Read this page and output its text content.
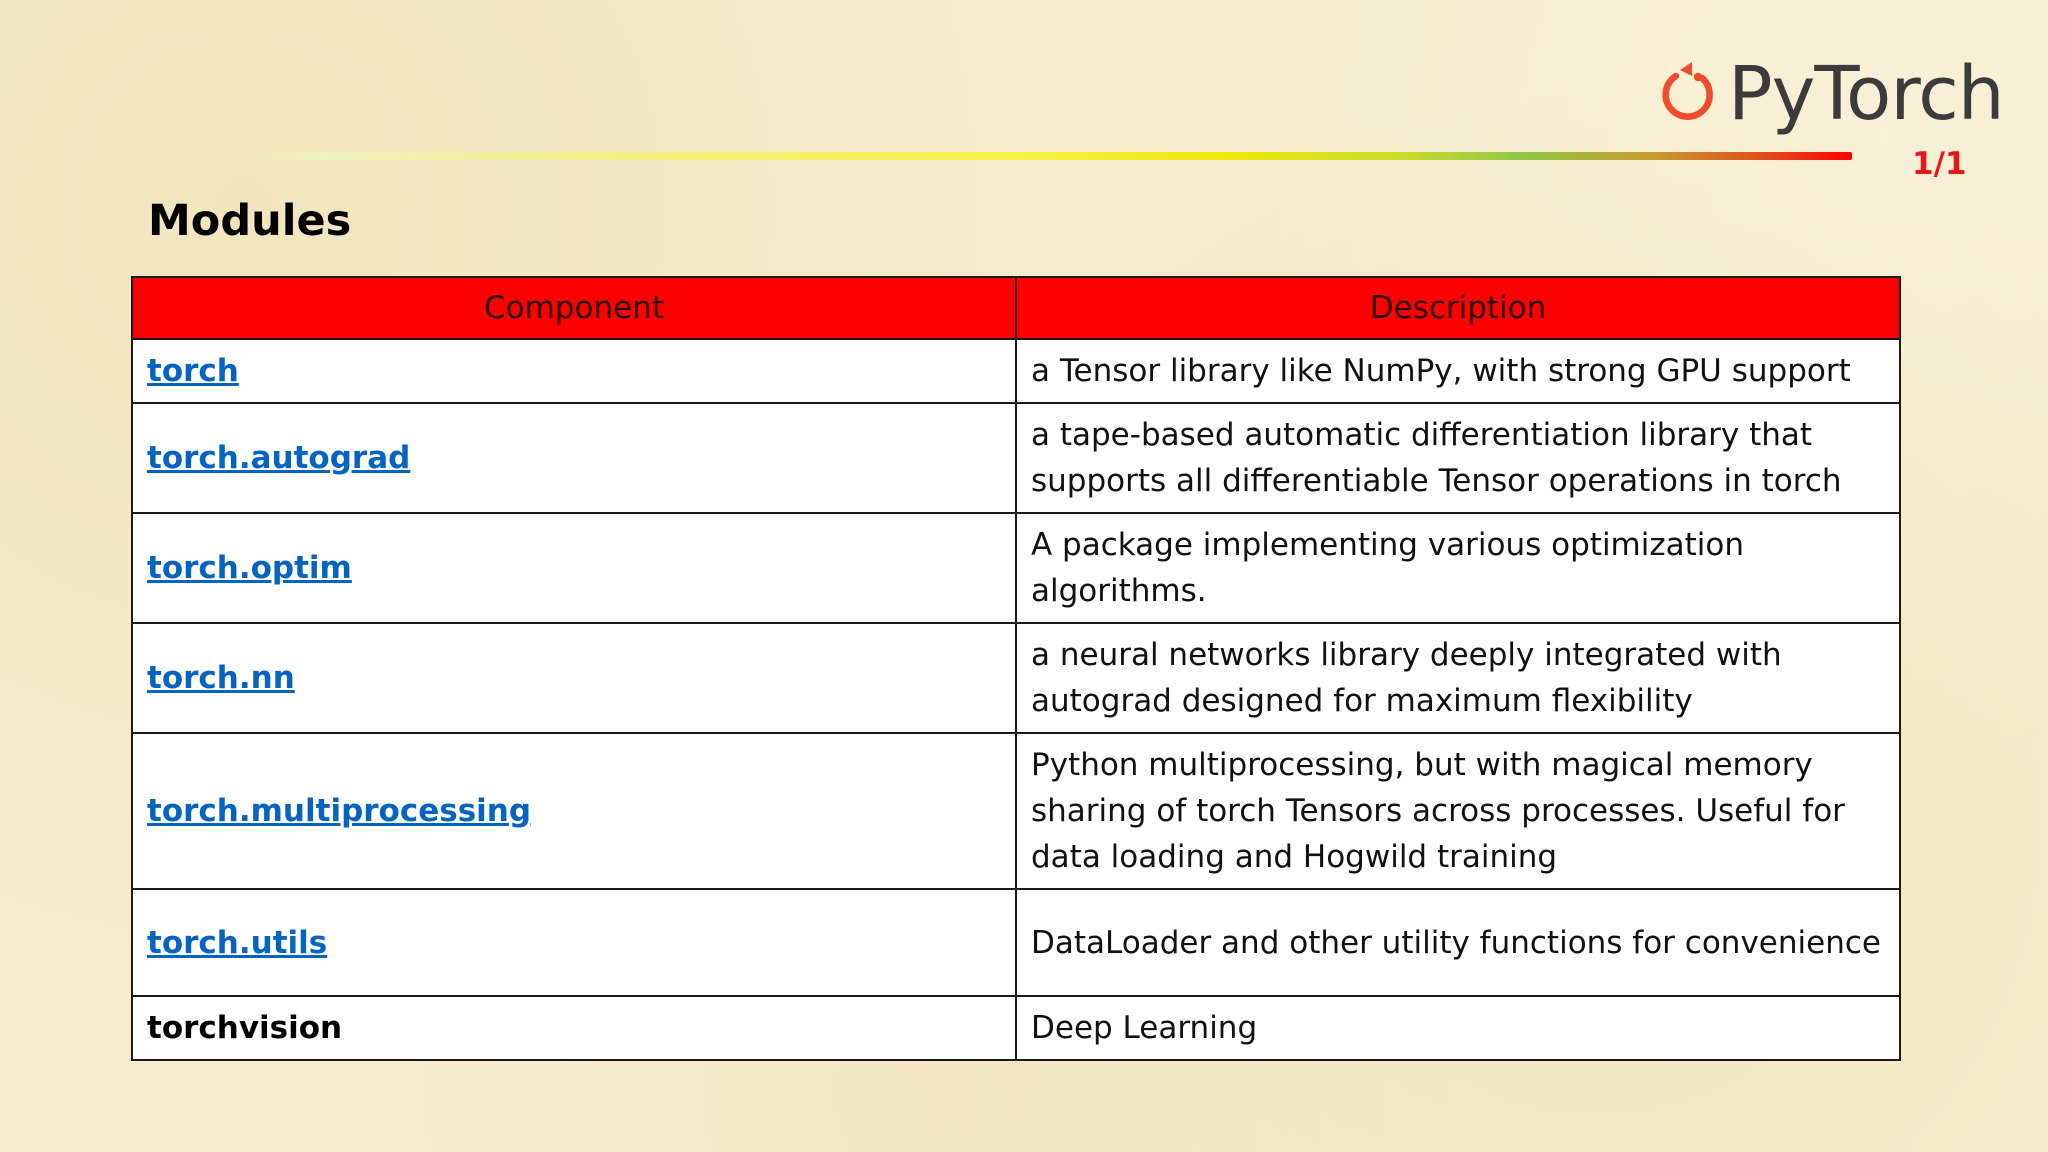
PyTorch
1/1
Modules
Component	Description
torch	a Tensor library like NumPy, with strong GPU support

torch.autograd	a tape-based automatic differentiation library that supports all differentiable Tensor operations in torch

torch.optim	A package implementing various optimization algorithms.

torch.nn	a neural networks library deeply integrated with autograd designed for maximum flexibility

torch.multiprocessing	Python multiprocessing, but with magical memory sharing of torch Tensors across processes. Useful for data loading and Hogwild training

torch.utils	DataLoader and other utility functions for convenience

torchvision	Deep Learning
